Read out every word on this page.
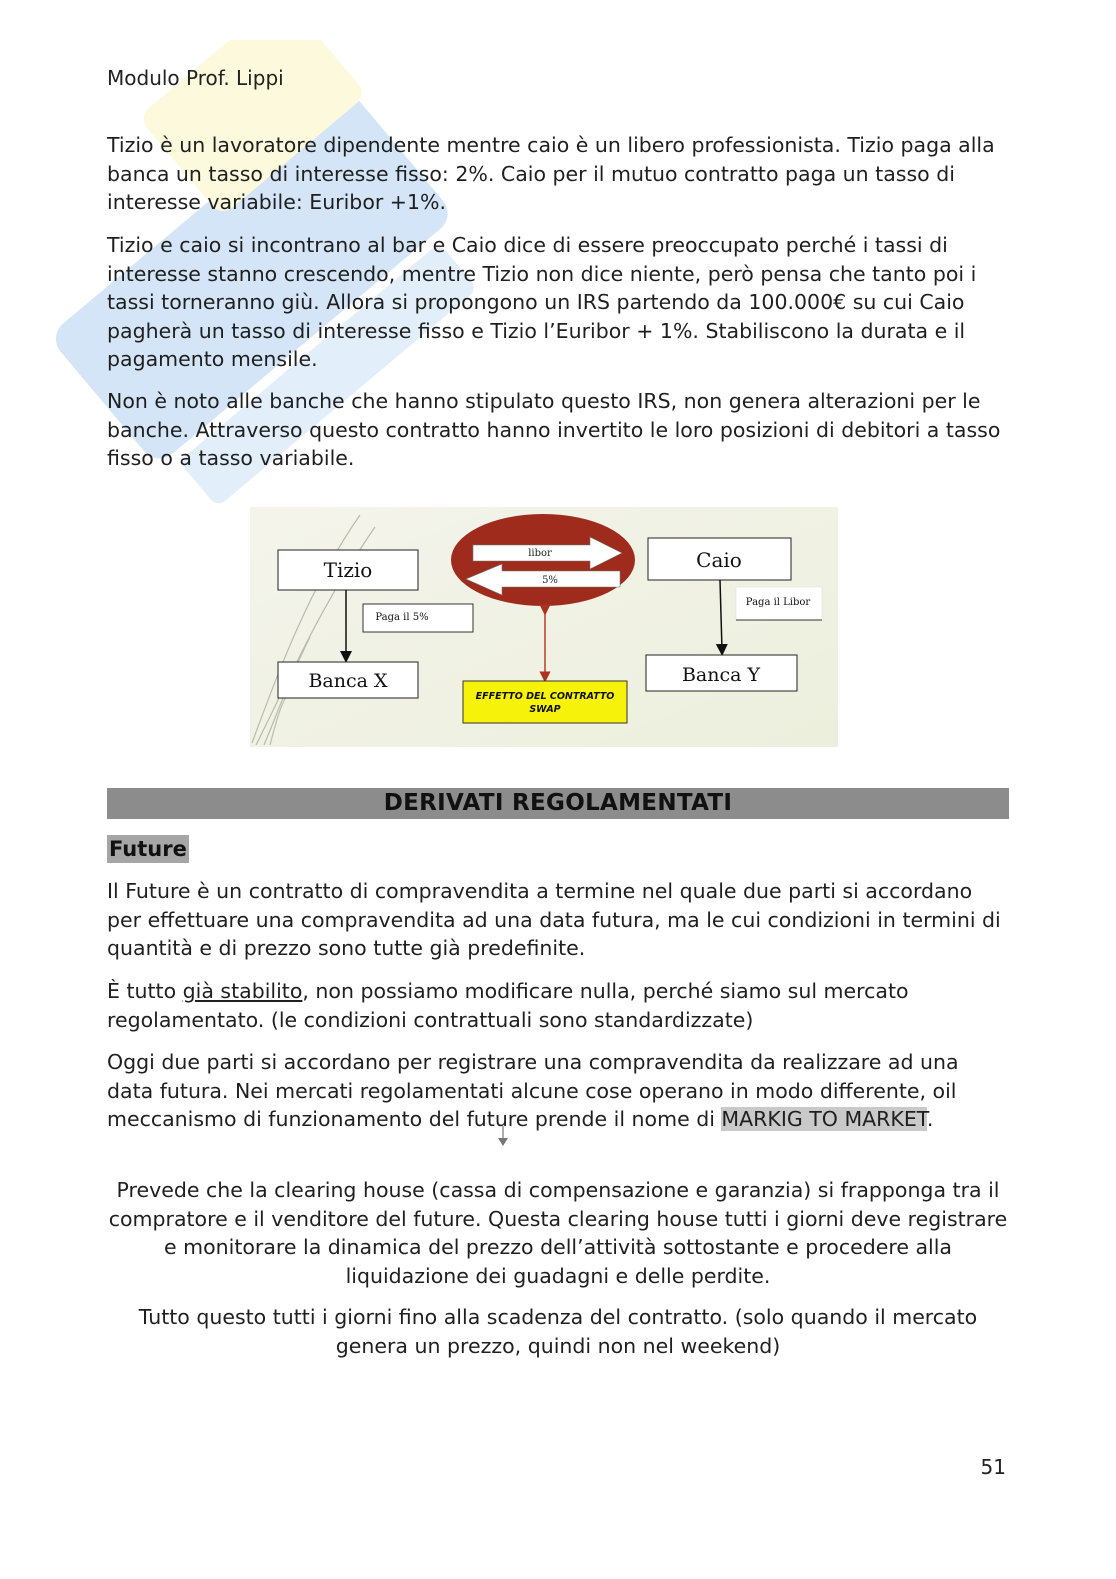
Modulo Prof. Lippi

Tizio è un lavoratore dipendente mentre caio è un libero professionista. Tizio paga alla banca un tasso di interesse fisso: 2%. Caio per il mutuo contratto paga un tasso di interesse variabile: Euribor +1%.

Tizio e caio si incontrano al bar e Caio dice di essere preoccupato perché i tassi di interesse stanno crescendo, mentre Tizio non dice niente, però pensa che tanto poi i tassi torneranno giù. Allora si propongono un IRS partendo da 100.000€ su cui Caio pagherà un tasso di interesse fisso e Tizio l’Euribor + 1%. Stabiliscono la durata e il pagamento mensile.

Non è noto alle banche che hanno stipulato questo IRS, non genera alterazioni per le banche. Attraverso questo contratto hanno invertito le loro posizioni di debitori a tasso fisso o a tasso variabile.

Tizio
Paga il 5%
Banca X
libor
5%
EFFETTO DEL CONTRATTO
SWAP
Caio
Paga il Libor
Banca Y
DERIVATI REGOLAMENTATI
Future

Il Future è un contratto di compravendita a termine nel quale due parti si accordano per effettuare una compravendita ad una data futura, ma le cui condizioni in termini di quantità e di prezzo sono tutte già predefinite.

È tutto già stabilito, non possiamo modificare nulla, perché siamo sul mercato regolamentato. (le condizioni contrattuali sono standardizzate)

Oggi due parti si accordano per registrare una compravendita da realizzare ad una data futura. Nei mercati regolamentati alcune cose operano in modo differente, oil meccanismo di funzionamento del future prende il nome di MARKIG TO MARKET.

Prevede che la clearing house (cassa di compensazione e garanzia) si frapponga tra il compratore e il venditore del future. Questa clearing house tutti i giorni deve registrare e monitorare la dinamica del prezzo dell’attività sottostante e procedere alla liquidazione dei guadagni e delle perdite.

Tutto questo tutti i giorni fino alla scadenza del contratto. (solo quando il mercato genera un prezzo, quindi non nel weekend)

51
